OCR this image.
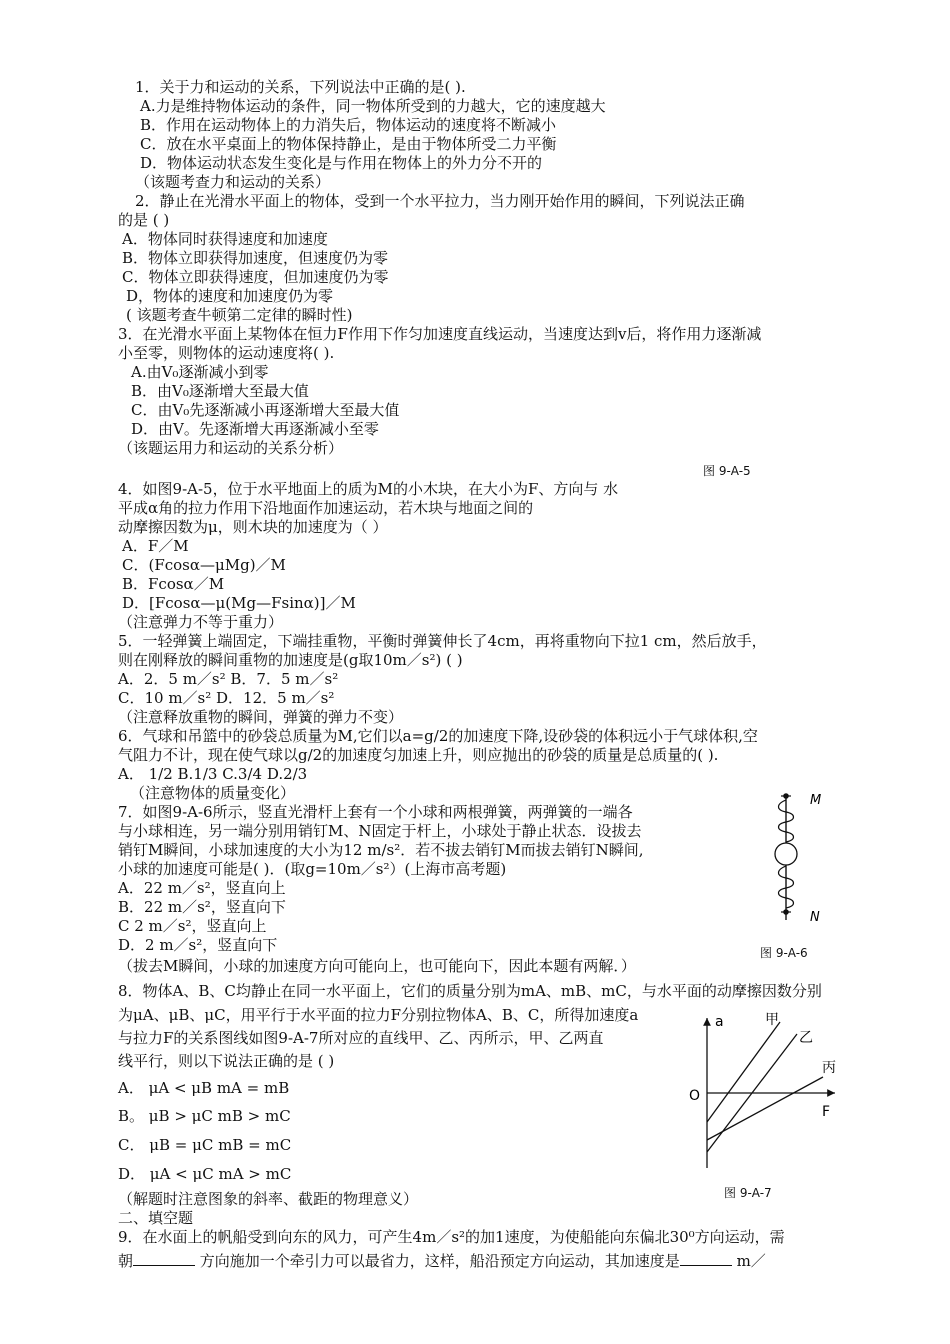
1．关于力和运动的关系，下列说法中正确的是( ).
A.力是维持物体运动的条件，同一物体所受到的力越大，它的速度越大
B．作用在运动物体上的力消失后，物体运动的速度将不断减小
C．放在水平桌面上的物体保持静止，是由于物体所受二力平衡
D．物体运动状态发生变化是与作用在物体上的外力分不开的
（该题考查力和运动的关系）
2．静止在光滑水平面上的物体，受到一个水平拉力，当力刚开始作用的瞬间，下列说法正确
的是 ( )
A．物体同时获得速度和加速度
B．物体立即获得加速度，但速度仍为零
C．物体立即获得速度，但加速度仍为零
D，物体的速度和加速度仍为零
( 该题考查牛顿第二定律的瞬时性)
3．在光滑水平面上某物体在恒力F作用下作匀加速度直线运动，当速度达到v后，将作用力逐渐减
小至零，则物体的运动速度将( ).
A.由V₀逐渐减小到零
B．由V₀逐渐增大至最大值
C．由V₀先逐渐减小再逐渐增大至最大值
D．由V。先逐渐增大再逐渐减小至零
（该题运用力和运动的关系分析）
图 9-A-5
4．如图9-A-5，位于水平地面上的质为M的小木块，在大小为F、方向与 水
平成α角的拉力作用下沿地面作加速运动，若木块与地面之间的
动摩擦因数为μ，则木块的加速度为（ ）
A．F／M
C．(Fcosα—μMg)／M
B．Fcosα／M
D．[Fcosα—μ(Mg—Fsinα)]／M
（注意弹力不等于重力）
5．一轻弹簧上端固定，下端挂重物，平衡时弹簧伸长了4cm，再将重物向下拉1 cm，然后放手，
则在刚释放的瞬间重物的加速度是(g取10m／s²) ( )
A．2．5 m／s² B．7．5 m／s²
C．10 m／s² D．12．5 m／s²
（注意释放重物的瞬间，弹簧的弹力不变）
6．气球和吊篮中的砂袋总质量为M,它们以a=g/2的加速度下降,设砂袋的体积远小于气球体积,空
气阻力不计，现在使气球以g/2的加速度匀加速上升，则应抛出的砂袋的质量是总质量的( ).
A． 1/2 B.1/3 C.3/4 D.2/3
（注意物体的质量变化）
7．如图9-A-6所示，竖直光滑杆上套有一个小球和两根弹簧，两弹簧的一端各
与小球相连，另一端分别用销钉M、N固定于杆上，小球处于静止状态．设拔去
销钉M瞬间，小球加速度的大小为12 m/s²．若不拔去销钉M而拔去销钉N瞬间,
小球的加速度可能是( )．(取g=10m／s²）(上海市高考题)
A．22 m／s²，竖直向上
B．22 m／s²，竖直向下
C 2 m／s²，竖直向上
D．2 m／s²，竖直向下
（拔去M瞬间，小球的加速度方向可能向上，也可能向下，因此本题有两解．）
M
N
图 9-A-6
8．物体A、B、C均静止在同一水平面上，它们的质量分别为mA、mB、mC，与水平面的动摩擦因数分别
为μA、μB、μC，用平行于水平面的拉力F分别拉物体A、B、C，所得加速度a
与拉力F的关系图线如图9-A-7所对应的直线甲、乙、丙所示，甲、乙两直
线平行，则以下说法正确的是 ( )
A． μA < μB mA = mB
B。 μB > μC mB > mC
C． μB = μC mB = mC
D． μA < μC mA > mC
（解题时注意图象的斜率、截距的物理意义）
a
O
F
甲
乙
丙
图 9-A-7
二、填空题
9．在水面上的帆船受到向东的风力，可产生4m／s²的加1速度，为使船能向东偏北30⁰方向运动，需
朝	方向施加一个牵引力可以最省力，这样，船沿预定方向运动，其加速度是	m／
